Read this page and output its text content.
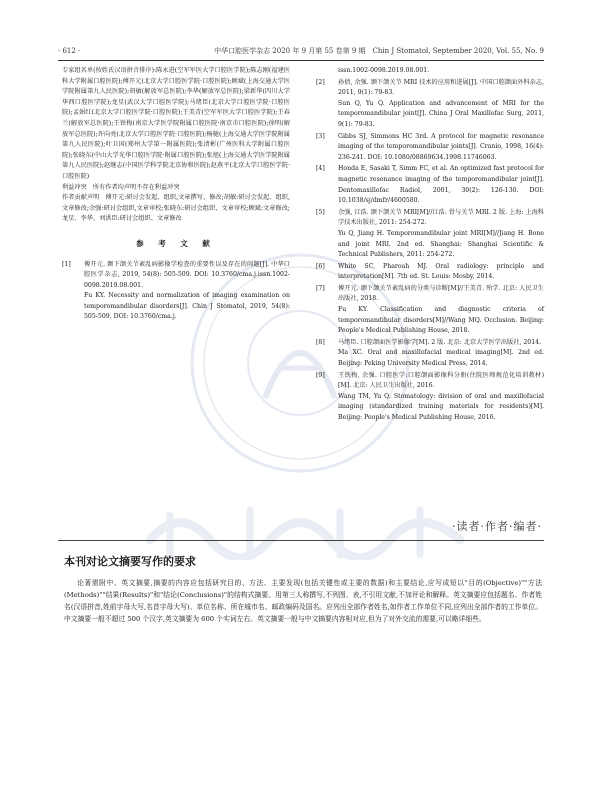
· 612 ·	中华口腔医学杂志 2020 年 9 月第 55 卷第 9 期　Chin J Stomatol, September 2020, Vol. 55, No. 9

专家组名单(按姓氏汉语拼音排序):陈永进(空军军医大学口腔医学院);陈志刚(福建医科大学附属口腔医院);傅开元(北京大学口腔医学院·口腔医院);顾斌(上海交通大学医学院附属第九人民医院);胡敏(解放军总医院);李华(解放军总医院);梁新华(四川大学华西口腔医学院);龙星(武汉大学口腔医学院);马绪臣(北京大学口腔医学院·口腔医院);孟娟红(北京大学口腔医学院·口腔医院);王美青(空军军医大学口腔医学院);王春兰(解放军总医院);王铁梅(南京大学医学院附属口腔医院·南京市口腔医院);徐明(解放军总医院);许向亮(北京大学口腔医学院·口腔医院);杨驰(上海交通大学医学院附属第九人民医院);叶卫国(郑州大学第一附属医院);张清彬(广州医科大学附属口腔医院);张晓东(中山大学光华口腔医学院·附属口腔医院);张旭(上海交通大学医学院附属第九人民医院);赵继志(中国医学科学院北京协和医院);赵燕平(北京大学口腔医学院·口腔医院)

利益冲突　所有作者均声明不存在利益冲突

作者贡献声明　傅开元:研讨会发起、组织,文章撰写、修改;胡敏:研讨会发起、组织,文章修改;余强:研讨会组织,文章审校;张晓东:研讨会组织、文章审校;顾斌:文章修改;龙星、李华、刘洪臣:研讨会组织、文章修改

参 考 文 献
[1] 傅开元. 颞下颌关节紊乱病影像学检查的重要性以及存在的问题[J]. 中华口腔医学杂志, 2019, 54(8): 505-509. DOI: 10.3760/cma.j.issn.1002-0098.2019.08.001.

Fu KY. Necessity and normalization of imaging examination on temporomandibular disorders[J]. Chin J Stomatol, 2019, 54(8): 505-509. DOI: 10.3760/cma.j.

issn.1002-0098.2019.08.001.

[2] 孙倩, 余强. 颞下颌关节 MRI 技术的应用和进展[J]. 中国口腔颌面外科杂志, 2011, 9(1): 79-83.

Sun Q, Yu Q. Application and advancement of MRI for the temporomandibular joint[J]. China J Oral Maxillofac Surg, 2011, 9(1): 79-83.

[3] Gibbs SJ, Simmons HC 3rd. A protocol for magnetic resonance imaging of the temporomandibular joints[J]. Cranio, 1998, 16(4): 236-241. DOI: 10.1080/08869634.1998.11746063.

[4] Honda E, Sasaki T, Simm FC, et al. An optimized fast protocol for magnetic resonance imaging of the temporomandibular joint[J]. Dentomaxillofac Radiol, 2001, 30(2): 126-130. DOI: 10.1038/sj/dmfr/4600580.

[5] 余强, 江浩. 颞下颌关节 MRI[M]//江浩. 骨与关节 MRI. 2 版. 上海: 上海科学技术出版社, 2011: 254-272.

Yu Q, Jiang H. Temporomandibular joint MRI[M]//Jiang H. Bone and joint MRI. 2nd ed. Shanghai: Shanghai Scientific & Technical Publishers, 2011: 254-272.

[6] White SC, Pharoah MJ. Oral radiology: principle and interpretation[M]. 7th ed. St. Louis: Mosby, 2014.

[7] 傅开元. 颞下颌关节紊乱病的分类与诊断[M]//王美青. 殆学. 北京: 人民卫生出版社, 2018.

Fu KY. Classification and diagnostic criteria of temporomandibular disorders[M]//Wang MQ. Occlusion. Beijing: People's Medical Publishing House, 2018.

[8] 马绪臣. 口腔颌面医学影像学[M]. 2 版. 北京: 北京大学医学出版社, 2014.

Ma XC. Oral and maxillofacial medical imaging[M]. 2nd ed. Beijing: Peking University Medical Press, 2014.

[9] 王铁梅, 余强. 口腔医学:口腔颌面影像科分册(住院医师规范化培训教材)[M]. 北京: 人民卫生出版社, 2016.

Wang TM, Yu Q. Stomatology: division of oral and maxillofacial imaging (standardized training materials for residents)[M]. Beijing: People's Medical Publishing House, 2016.

·读者·作者·编者·
本刊对论文摘要写作的要求

论著需附中、英文摘要,摘要的内容应包括研究目的、方法、主要发现(包括关键性或主要的数据)和主要结论,应写成短以"目的(Objective)""方法(Methods)""结果(Results)"和"结论(Conclusions)"的结构式摘要。用第三人称撰写,不列图、表,不引用文献,不加评论和解释。英文摘要应包括题名、作者姓名(汉语拼音,姓前字母大写,名首字母大写)、单位名称、所在城市名、邮政编码及国名。应列出全部作者姓名,如作者工作单位不同,应列出全部作者的工作单位。中文摘要一般不超过 500 个汉字,英文摘要为 600 个实词左右。英文摘要一般与中文摘要内容相对应,但为了对外交流的需要,可以略详细些。
